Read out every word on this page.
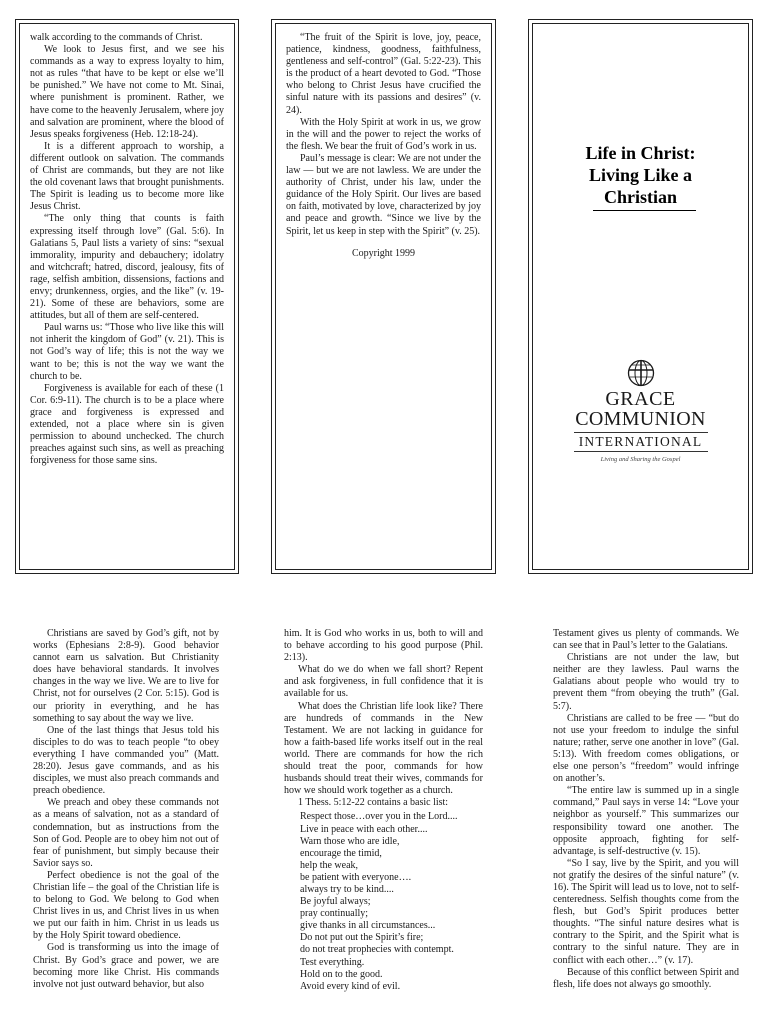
walk according to the commands of Christ.

We look to Jesus first, and we see his commands as a way to express loyalty to him, not as rules “that have to be kept or else we’ll be punished.” We have not come to Mt. Sinai, where punishment is prominent. Rather, we have come to the heavenly Jerusalem, where joy and salvation are prominent, where the blood of Jesus speaks forgiveness (Heb. 12:18-24).

It is a different approach to worship, a different outlook on salvation. The commands of Christ are commands, but they are not like the old covenant laws that brought punishments. The Spirit is leading us to become more like Jesus Christ.

“The only thing that counts is faith expressing itself through love” (Gal. 5:6). In Galatians 5, Paul lists a variety of sins: “sexual immorality, impurity and debauchery; idolatry and witchcraft; hatred, discord, jealousy, fits of rage, selfish ambition, dissensions, factions and envy; drunkenness, orgies, and the like” (v. 19-21). Some of these are behaviors, some are attitudes, but all of them are self-centered.

Paul warns us: “Those who live like this will not inherit the kingdom of God” (v. 21). This is not God’s way of life; this is not the way we want to be; this is not the way we want the church to be.

Forgiveness is available for each of these (1 Cor. 6:9-11). The church is to be a place where grace and forgiveness is expressed and extended, not a place where sin is given permission to abound unchecked. The church preaches against such sins, as well as preaching forgiveness for those same sins.

“The fruit of the Spirit is love, joy, peace, patience, kindness, goodness, faithfulness, gentleness and self-control” (Gal. 5:22-23). This is the product of a heart devoted to God. “Those who belong to Christ Jesus have crucified the sinful nature with its passions and desires” (v. 24).

With the Holy Spirit at work in us, we grow in the will and the power to reject the works of the flesh. We bear the fruit of God’s work in us.

Paul’s message is clear: We are not under the law — but we are not lawless. We are under the authority of Christ, under his law, under the guidance of the Holy Spirit. Our lives are based on faith, motivated by love, characterized by joy and peace and growth. “Since we live by the Spirit, let us keep in step with the Spirit” (v. 25).

Copyright 1999

Life in Christ:
Living Like a
Christian
GRACE
COMMUNION
INTERNATIONAL
Living and Sharing the Gospel

Christians are saved by God’s gift, not by works (Ephesians 2:8-9). Good behavior cannot earn us salvation. But Christianity does have behavioral standards. It involves changes in the way we live. We are to live for Christ, not for ourselves (2 Cor. 5:15). God is our priority in everything, and he has something to say about the way we live.

One of the last things that Jesus told his disciples to do was to teach people “to obey everything I have commanded you” (Matt. 28:20). Jesus gave commands, and as his disciples, we must also preach commands and preach obedience.

We preach and obey these commands not as a means of salvation, not as a standard of condemnation, but as instructions from the Son of God. People are to obey him not out of fear of punishment, but simply because their Savior says so.

Perfect obedience is not the goal of the Christian life – the goal of the Christian life is to belong to God. We belong to God when Christ lives in us, and Christ lives in us when we put our faith in him. Christ in us leads us by the Holy Spirit toward obedience.

God is transforming us into the image of Christ. By God’s grace and power, we are becoming more like Christ. His commands involve not just outward behavior, but also

him. It is God who works in us, both to will and to behave according to his good purpose (Phil. 2:13).

What do we do when we fall short? Repent and ask forgiveness, in full confidence that it is available for us.

What does the Christian life look like? There are hundreds of commands in the New Testament. We are not lacking in guidance for how a faith-based life works itself out in the real world. There are commands for how the rich should treat the poor, commands for how husbands should treat their wives, commands for how we should work together as a church.

1 Thess. 5:12-22 contains a basic list:

Respect those…over you in the Lord....

Live in peace with each other....

Warn those who are idle,

encourage the timid,

help the weak,

be patient with everyone….

always try to be kind....

Be joyful always;

pray continually;

give thanks in all circumstances...

Do not put out the Spirit’s fire;

do not treat prophecies with contempt.

Test everything.

Hold on to the good.

Avoid every kind of evil.

Testament gives us plenty of commands. We can see that in Paul’s letter to the Galatians.

Christians are not under the law, but neither are they lawless. Paul warns the Galatians about people who would try to prevent them “from obeying the truth” (Gal. 5:7).

Christians are called to be free — “but do not use your freedom to indulge the sinful nature; rather, serve one another in love” (Gal. 5:13). With freedom comes obligations, or else one person’s “freedom” would infringe on another’s.

“The entire law is summed up in a single command,” Paul says in verse 14: “Love your neighbor as yourself.” This summarizes our responsibility toward one another. The opposite approach, fighting for self-advantage, is self-destructive (v. 15).

“So I say, live by the Spirit, and you will not gratify the desires of the sinful nature” (v. 16). The Spirit will lead us to love, not to self-centeredness. Selfish thoughts come from the flesh, but God’s Spirit produces better thoughts. “The sinful nature desires what is contrary to the Spirit, and the Spirit what is contrary to the sinful nature. They are in conflict with each other…” (v. 17).

Because of this conflict between Spirit and flesh, life does not always go smoothly.
